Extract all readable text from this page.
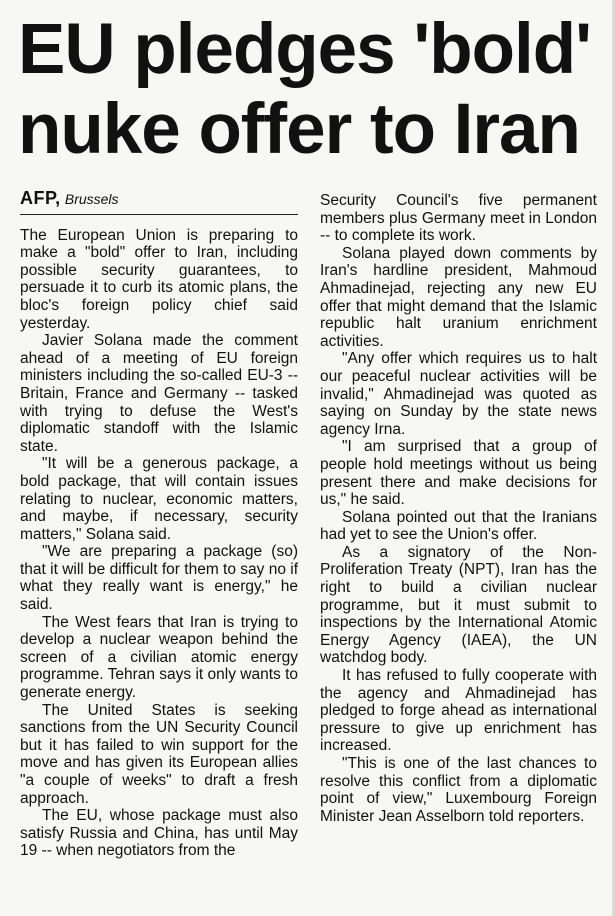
EU pledges 'bold' nuke offer to Iran
AFP, Brussels

The European Union is preparing to make a "bold" offer to Iran, including possible security guarantees, to persuade it to curb its atomic plans, the bloc's foreign policy chief said yesterday.

Javier Solana made the comment ahead of a meeting of EU foreign ministers including the so-called EU-3 -- Britain, France and Germany -- tasked with trying to defuse the West's diplomatic standoff with the Islamic state.

"It will be a generous package, a bold package, that will contain issues relating to nuclear, economic matters, and maybe, if necessary, security matters," Solana said.

"We are preparing a package (so) that it will be difficult for them to say no if what they really want is energy," he said.

The West fears that Iran is trying to develop a nuclear weapon behind the screen of a civilian atomic energy programme. Tehran says it only wants to generate energy.

The United States is seeking sanctions from the UN Security Council but it has failed to win support for the move and has given its European allies "a couple of weeks" to draft a fresh approach.

The EU, whose package must also satisfy Russia and China, has until May 19 -- when negotiators from the

Security Council's five permanent members plus Germany meet in London -- to complete its work.

Solana played down comments by Iran's hardline president, Mahmoud Ahmadinejad, rejecting any new EU offer that might demand that the Islamic republic halt uranium enrichment activities.

"Any offer which requires us to halt our peaceful nuclear activities will be invalid," Ahmadinejad was quoted as saying on Sunday by the state news agency Irna.

"I am surprised that a group of people hold meetings without us being present there and make decisions for us," he said.

Solana pointed out that the Iranians had yet to see the Union's offer.

As a signatory of the Non-Proliferation Treaty (NPT), Iran has the right to build a civilian nuclear programme, but it must submit to inspections by the International Atomic Energy Agency (IAEA), the UN watchdog body.

It has refused to fully cooperate with the agency and Ahmadinejad has pledged to forge ahead as international pressure to give up enrichment has increased.

"This is one of the last chances to resolve this conflict from a diplomatic point of view," Luxembourg Foreign Minister Jean Asselborn told reporters.
